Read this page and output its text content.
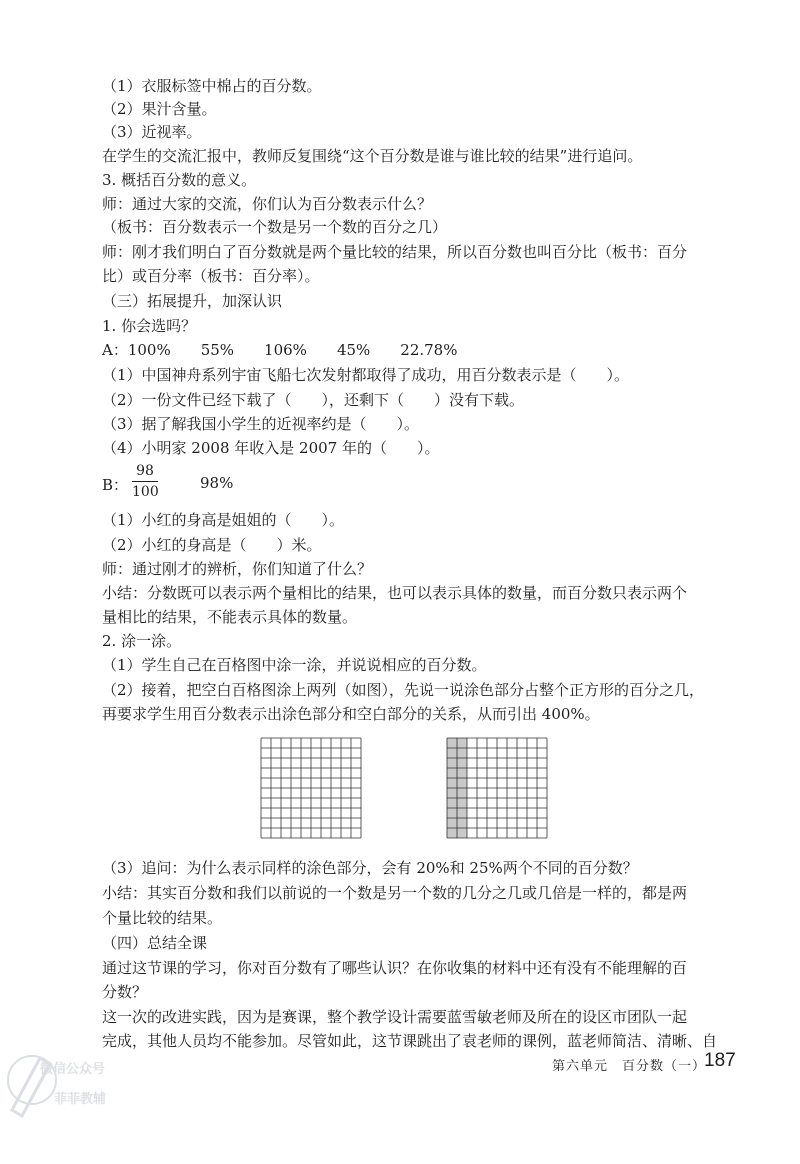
（1）衣服标签中棉占的百分数。
（2）果汁含量。
（3）近视率。
在学生的交流汇报中，教师反复围绕“这个百分数是谁与谁比较的结果”进行追问。
3. 概括百分数的意义。
师：通过大家的交流，你们认为百分数表示什么？
（板书：百分数表示一个数是另一个数的百分之几）
师：刚才我们明白了百分数就是两个量比较的结果，所以百分数也叫百分比（板书：百分
比）或百分率（板书：百分率）。
（三）拓展提升，加深认识
1. 你会选吗？
A：100%　　55%　　106%　　45%　　22.78%
（1）中国神舟系列宇宙飞船七次发射都取得了成功，用百分数表示是（　　）。
（2）一份文件已经下载了（　　），还剩下（　　）没有下载。
（3）据了解我国小学生的近视率约是（　　）。
（4）小明家 2008 年收入是 2007 年的（　　）。
B：
98
100	98%
（1）小红的身高是姐姐的（　　）。
（2）小红的身高是（　　）米。
师：通过刚才的辨析，你们知道了什么？
小结：分数既可以表示两个量相比的结果，也可以表示具体的数量，而百分数只表示两个
量相比的结果，不能表示具体的数量。
2. 涂一涂。
（1）学生自己在百格图中涂一涂，并说说相应的百分数。
（2）接着，把空白百格图涂上两列（如图），先说一说涂色部分占整个正方形的百分之几，
再要求学生用百分数表示出涂色部分和空白部分的关系，从而引出 400%。
（3）追问：为什么表示同样的涂色部分，会有 20%和 25%两个不同的百分数？
小结：其实百分数和我们以前说的一个数是另一个数的几分之几或几倍是一样的，都是两
个量比较的结果。
（四）总结全课
通过这节课的学习，你对百分数有了哪些认识？在你收集的材料中还有没有不能理解的百
分数？
这一次的改进实践，因为是赛课，整个教学设计需要蓝雪敏老师及所在的设区市团队一起
完成，其他人员均不能参加。尽管如此，这节课跳出了袁老师的课例，蓝老师简洁、清晰、自
第六单元　百分数（一）
187
微信公众号
菲菲教辅
